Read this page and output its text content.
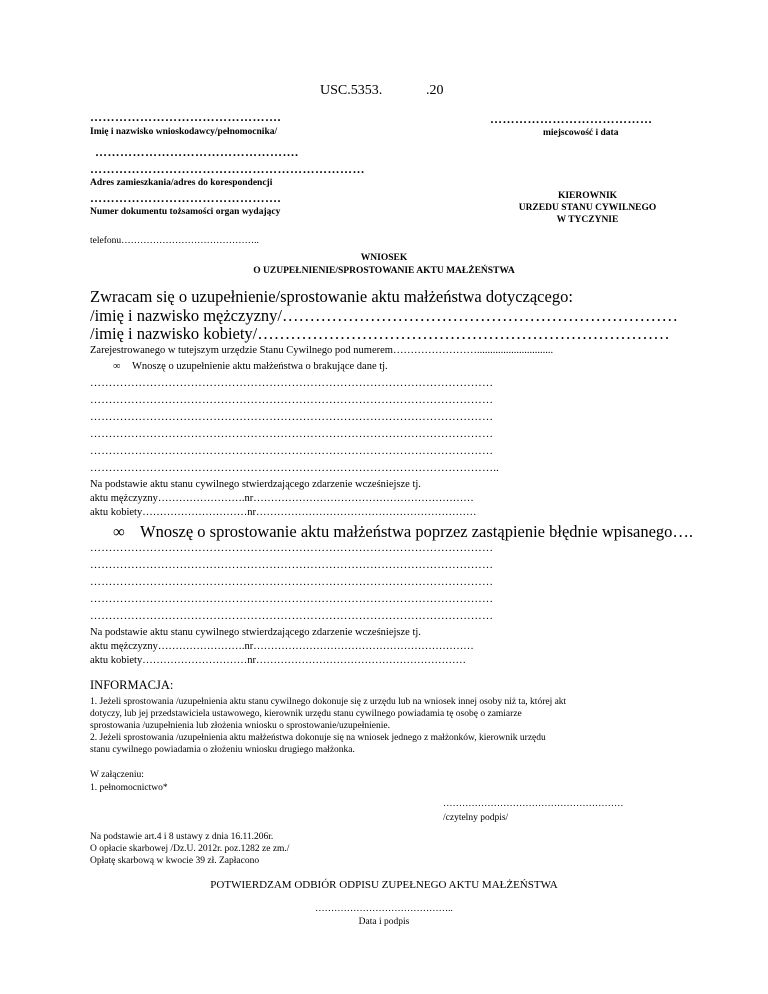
USC.5353.	.20
……………………………………….
Imię i nazwisko wnioskodawcy/pełnomocnika/
…………………………………
miejscowość i data
………………………………………….
…………………………………………………………
Adres zamieszkania/adres do korespondencji
……………………………………….
Numer dokumentu tożsamości organ wydający
KIEROWNIK
URZEDU STANU CYWILNEGO
W TYCZYNIE
telefonu……………………………………..
WNIOSEK
O UZUPEŁNIENIE/SPROSTOWANIE AKTU MAŁŻEŃSTWA
Zwracam się o uzupełnienie/sprostowanie aktu małżeństwa dotyczącego:
/imię i nazwisko mężczyzny/………………………………………………………………
/imię i nazwisko kobiety/…………………………………………………………………
Zarejestrowanego w tutejszym urzędzie Stanu Cywilnego pod numerem…………………….............................
∞ Wnoszę o uzupełnienie aktu małżeństwa o brakujące dane tj.
………………………………………………………………………………………………
………………………………………………………………………………………………
………………………………………………………………………………………………
………………………………………………………………………………………………
………………………………………………………………………………………………
………………………………………………………………………………………………..
Na podstawie aktu stanu cywilnego stwierdzającego zdarzenie wcześniejsze tj.
aktu mężczyzny…………………….nr………………………………………………………
aktu kobiety…………………………nr………………………………………………………
∞ Wnoszę o sprostowanie aktu małżeństwa poprzez zastąpienie błędnie wpisanego….
………………………………………………………………………………………………
………………………………………………………………………………………………
………………………………………………………………………………………………
………………………………………………………………………………………………
………………………………………………………………………………………………
Na podstawie aktu stanu cywilnego stwierdzającego zdarzenie wcześniejsze tj.
aktu mężczyzny…………………….nr………………………………………………………
aktu kobiety…………………………nr……………………………………………………
INFORMACJA:
1. Jeżeli sprostowania /uzupełnienia aktu stanu cywilnego dokonuje się z urzędu lub na wniosek innej osoby niż ta, której akt
dotyczy, lub jej przedstawiciela ustawowego, kierownik urzędu stanu cywilnego powiadamia tę osobę o zamiarze
sprostowania /uzupełnienia lub złożenia wniosku o sprostowanie/uzupełnienie.
2. Jeżeli sprostowania /uzupełnienia aktu małżeństwa dokonuje się na wniosek jednego z małżonków, kierownik urzędu
stanu cywilnego powiadamia o złożeniu wniosku drugiego małżonka.
W załączeniu:
1. pełnomocnictwo*
…………………………………………………
/czytelny podpis/
Na podstawie art.4 i 8 ustawy z dnia 16.11.206r.
O opłacie skarbowej /Dz.U. 2012r. poz.1282 ze zm./
Opłatę skarbową w kwocie 39 zł. Zapłacono
POTWIERDZAM ODBIÓR ODPISU ZUPEŁNEGO AKTU MAŁŻEŃSTWA
……………………………………..
Data i podpis
